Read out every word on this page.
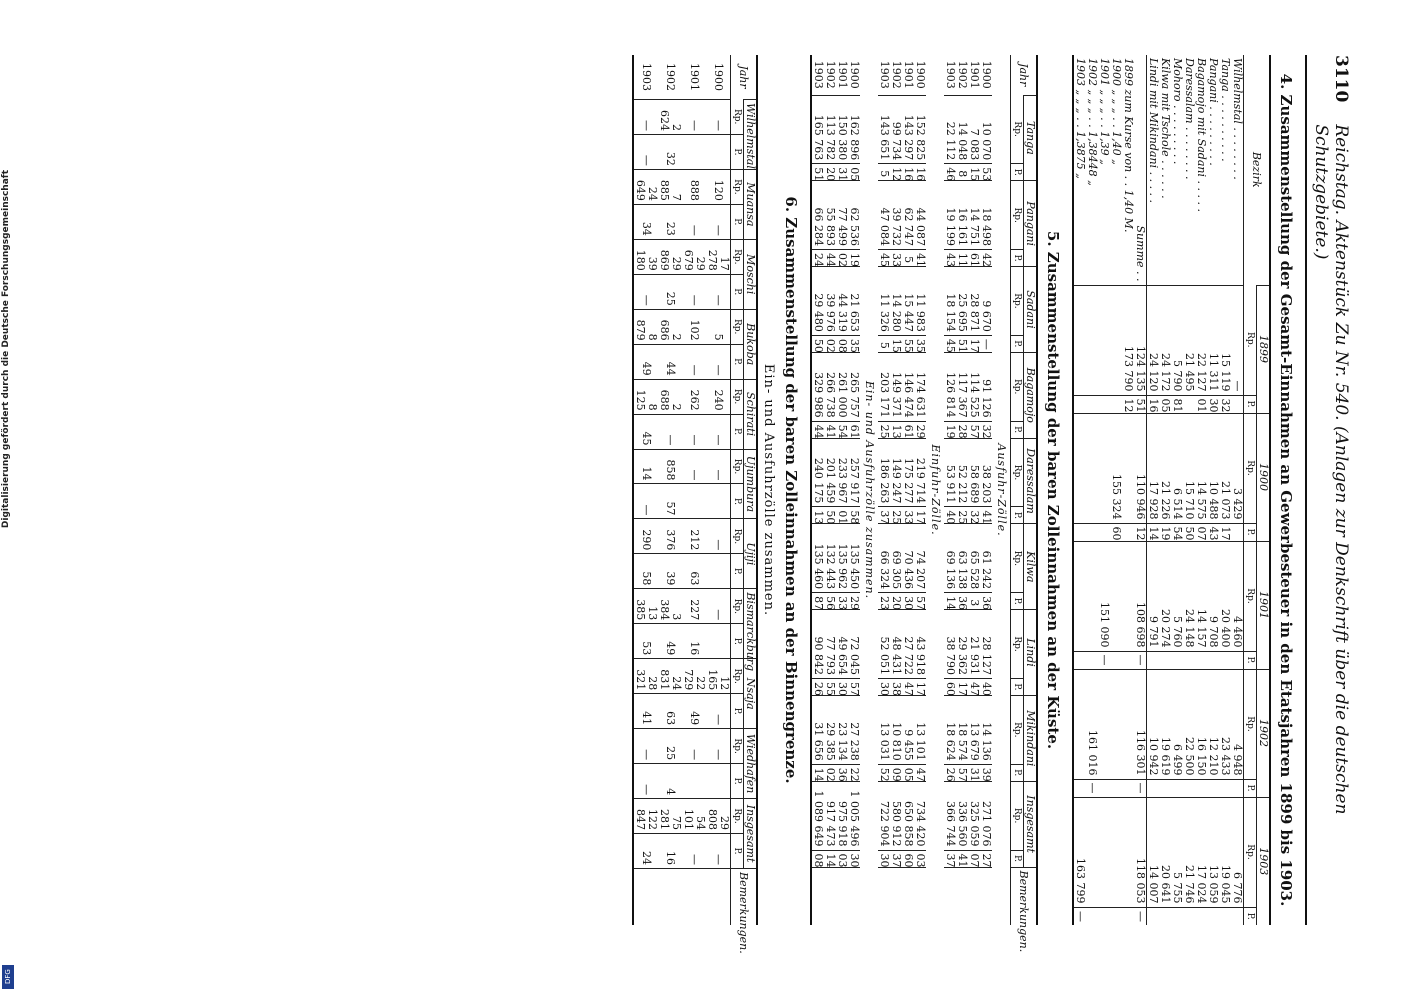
3110
Reichstag. Aktenstück Zu Nr. 540. (Anlagen zur Denkschrift über die deutschen Schutzgebiete.)
4. Zusammenstellung der Gesamt-Einnahmen an Gewerbesteuer in den Etatsjahren 1899 bis 1903.
Bezirk	1899		1900		1901		1902		1903	
	Rp.	P.	Rp.	P.	Rp.	P.	Rp.	P.	Rp.	P.
Wilhelmstal . . . . . . . .	—		3 429		4 460		4 948		6 776	
Tanga . . . . . . . . . .	15 119	32	21 073	17	20 400		23 433		19 045	
Pangani . . . . . . . . .	11 311	30	10 488	43	9 708		12 210		13 059	
Bagamojo mit Sadani . . . . .	22 127	01	14 575	07	14 157		16 150		17 024	
Daressalam . . . . . . . .	21 495		15 710	50	24 148		22 500		21 746	
Mohoro . . . . . . . . .	5 790	81	6 514	54	5 760		6 499		5 755	
Kilwa mit Tschole . . . . . .	24 172	05	21 226	19	20 274		19 619		20 641	
Lindi mit Mikindani . . . . .	24 120	16	17 928	14	9 791		10 942		14 007	
Summe . .	124 135	51	110 946	12	108 698	—	116 301	—	118 053	—
1899 zum Kurse von . . 1,40 M.	173 790	12								
1900 „ „ „ . . 1,40 „			155 324	60						
1901 „ „ „ . . 1,39 „					151 090	—				
1902 „ „ „ . . 1,38448 „							161 016	—		
1903 „ „ „ . . 1,3875 „									163 799	—
5. Zusammenstellung der baren Zolleinnahmen an der Küste.
Jahr	Tanga		Pangani		Sadani		Bagamojo		Daressalam		Kilwa		Lindi		Mikindani		Insgesamt		Bemerkungen.
	Rp.	P.	Rp.	P.	Rp.	P.	Rp.	P.	Rp.	P.	Rp.	P.	Rp.	P.	Rp.	P.	Rp.	P.	
Ausfuhr-Zölle.																			
1900	10 070	53	18 498	42	9 670	—	91 126	32	38 203	41	61 242	36	28 127	40	14 136	39	271 076	27	
1901	7 083	15	14 751	61	28 871	17	114 525	57	58 689	32	65 528	3	21 931	47	13 679	31	325 059	07	
1902	14 048	8	16 161	11	25 695	51	117 367	28	52 212	25	63 138	36	29 362	17	18 574	57	336 560	41	
1903	22 112	46	19 199	43	18 154	45	126 814	19	53 911	40	69 136	14	38 790	60	18 624	26	366 744	37	
Einfuhr-Zölle.																			
1900	152 825	16	44 087	41	11 983	35	174 631	29	219 714	17	74 207	57	43 918	17	13 101	47	734 420	03	
1901	143 297	16	62 747	5	15 447	55	146 474	61	175 277	33	70 436	30	27 722	47	9 455	05	650 858	60	
1902	99 734	12	39 732	33	14 280	15	149 371	13	149 247	25	69 305	20	48 431	38	10 810	09	580 912	37	
1903	143 651	5	47 084	45	11 326	5	203 171	25	186 263	37	66 324	23	52 051	30	13 031	52	722 904	30	
Ein- und Ausfuhrzölle zusammen.																			
1900	162 896	05	62 536	19	21 653	35	265 757	61	257 917	58	135 450	29	72 045	57	27 238	22	1 005 496	30	
1901	150 380	31	77 499	02	44 319	08	261 000	54	233 967	01	135 962	33	49 654	30	23 134	36	975 918	03	
1902	113 782	20	55 893	44	39 976	02	266 738	41	201 459	50	132 443	56	77 793	55	29 385	02	917 473	14	
1903	165 763	51	66 284	24	29 480	50	329 986	44	240 175	13	135 460	87	90 842	26	31 656	14	1 089 649	08	
6. Zusammenstellung der baren Zolleinnahmen an der Binnengrenze.
Ein- und Ausfuhrzölle zusammen.
Jahr	Wilhelmstal		Muansa		Moschi		Bukoba		Schirati		Ujumbura		Ujiji		Bismarckburg		Nsaja		Wiedhafen		Insgesamt		Bemerkungen.
	Rp.	P.	Rp.	P.	Rp.	P.	Rp.	P.	Rp.	P.	Rp.	P.	Rp.	P.	Rp.	P.	Rp.	P.	Rp.	P.	Rp.	P.	
1900	—		120	—	17 278	—	5	—	240	—	—		—		—		12 165	—	—		29 808	—	
1901	—		888	—	29 679	—	102	—	262	—	—		212	63	227	16	22 729	49	—		54 101	—	
1902	2 624	32	7 885	23	29 869	25	2 686	44	2 688	—	858	57	376	39	3 384	49	24 831	63	25	4	75 281	16	
1903	—	—	24 649	34	39 180	—	8 879	49	8 125	45	14	—	290	58	13 385	53	28 321	41	—	—	122 847	24	
Digitalisierung gefördert durch die Deutsche Forschungsgemeinschaft
DFG
